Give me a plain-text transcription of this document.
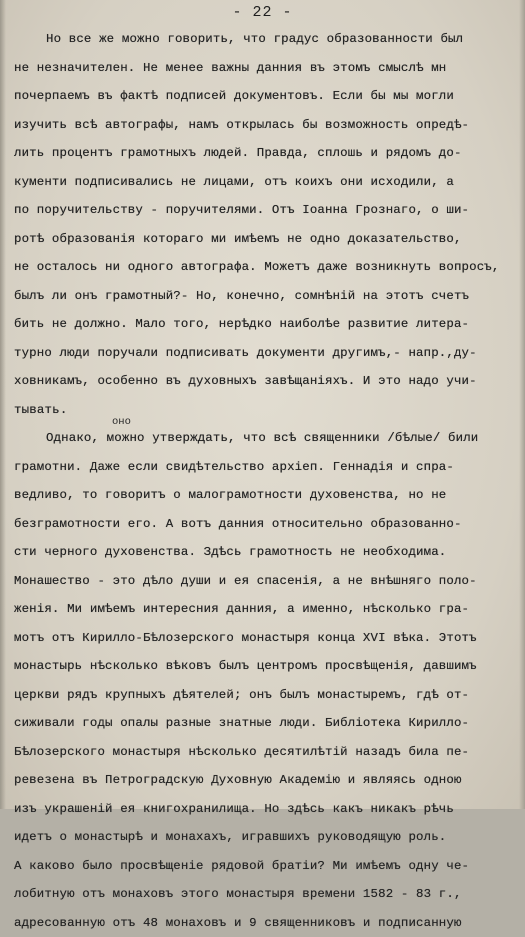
- 22 -
оно
Но все же можно говорить, что градус образованности был
не незначителен. Не менее важны данния въ этомъ смыслѣ мн
почерпаемъ въ фактѣ подписей документовъ. Если бы мы могли
изучить всѣ автографы, намъ открылась бы возможность опредѣ-
лить процентъ грамотныхъ людей. Правда, сплошь и рядомъ до-
кументи подписивались не лицами, отъ коихъ они исходили, а
по поручительству - поручителями. Отъ Іоанна Грознаго, о ши-
ротѣ образованія котораго ми имѣемъ не одно доказательство,
не осталось ни одного автографа. Можетъ даже возникнуть вопросъ,
былъ ли онъ грамотный?- Но, конечно, сомнѣній на этотъ счетъ
бить не должно. Мало того, нерѣдко наиболѣе развитие литера-
турно люди поручали подписивать документи другимъ,- напр.,ду-
ховникамъ, особенно въ духовныхъ завѣщаніяхъ. И это надо учи-
тывать.
Однако, можно утверждать, что всѣ священники /бѣлые/ били
грамотни. Даже если свидѣтельство архіеп. Геннадія и спра-
ведливо, то говоритъ о малограмотности духовенства, но не
безграмотности его. А вотъ данния относительно образованно-
сти черного духовенства. Здѣсь грамотность не необходима.
Монашество - это дѣло души и ея спасенія, а не внѣшняго поло-
женія. Ми имѣемъ интересния данния, а именно, нѣсколько гра-
мотъ отъ Кирилло-Бѣлозерского монастыря конца XVI вѣка. Этотъ
монастырь нѣсколько вѣковъ былъ центромъ просвѣщенія, давшимъ
церкви рядъ крупныхъ дѣятелей; онъ былъ монастыремъ, гдѣ от-
сиживали годы опалы разные знатные люди. Библіотека Кирилло-
Бѣлозерского монастыря нѣсколько десятилѣтій назадъ била пе-
ревезена въ Петроградскую Духовную Академію и являясь одною
изъ украшеній ея книгохранилища. Но здѣсь какъ никакъ рѣчь
идетъ о монастырѣ и монахахъ, игравшихъ руководящую роль.
А каково было просвѣщеніе рядовой братіи? Ми имѣемъ одну че-
лобитную отъ монаховъ этого монастыря времени 1582 - 83 г.,
адресованную отъ 48 монаховъ и 9 священниковъ и подписанную
